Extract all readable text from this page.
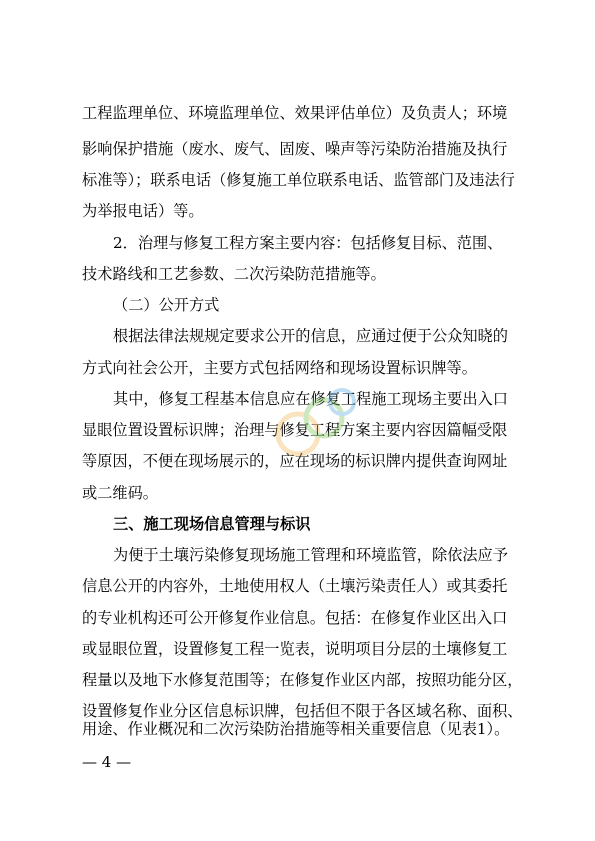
工程监理单位、环境监理单位、效果评估单位）及负责人；环境
影响保护措施（废水、废气、固废、噪声等污染防治措施及执行
标准等）；联系电话（修复施工单位联系电话、监管部门及违法行
为举报电话）等。
2．治理与修复工程方案主要内容：包括修复目标、范围、
技术路线和工艺参数、二次污染防范措施等。
（二）公开方式
根据法律法规规定要求公开的信息，应通过便于公众知晓的
方式向社会公开，主要方式包括网络和现场设置标识牌等。
其中，修复工程基本信息应在修复工程施工现场主要出入口
显眼位置设置标识牌；治理与修复工程方案主要内容因篇幅受限
等原因，不便在现场展示的，应在现场的标识牌内提供查询网址
或二维码。
三、施工现场信息管理与标识
为便于土壤污染修复现场施工管理和环境监管，除依法应予
信息公开的内容外，土地使用权人（土壤污染责任人）或其委托
的专业机构还可公开修复作业信息。包括：在修复作业区出入口
或显眼位置，设置修复工程一览表，说明项目分层的土壤修复工
程量以及地下水修复范围等；在修复作业区内部，按照功能分区，
设置修复作业分区信息标识牌，包括但不限于各区域名称、面积、
用途、作业概况和二次污染防治措施等相关重要信息（见表1）。
— 4 —
